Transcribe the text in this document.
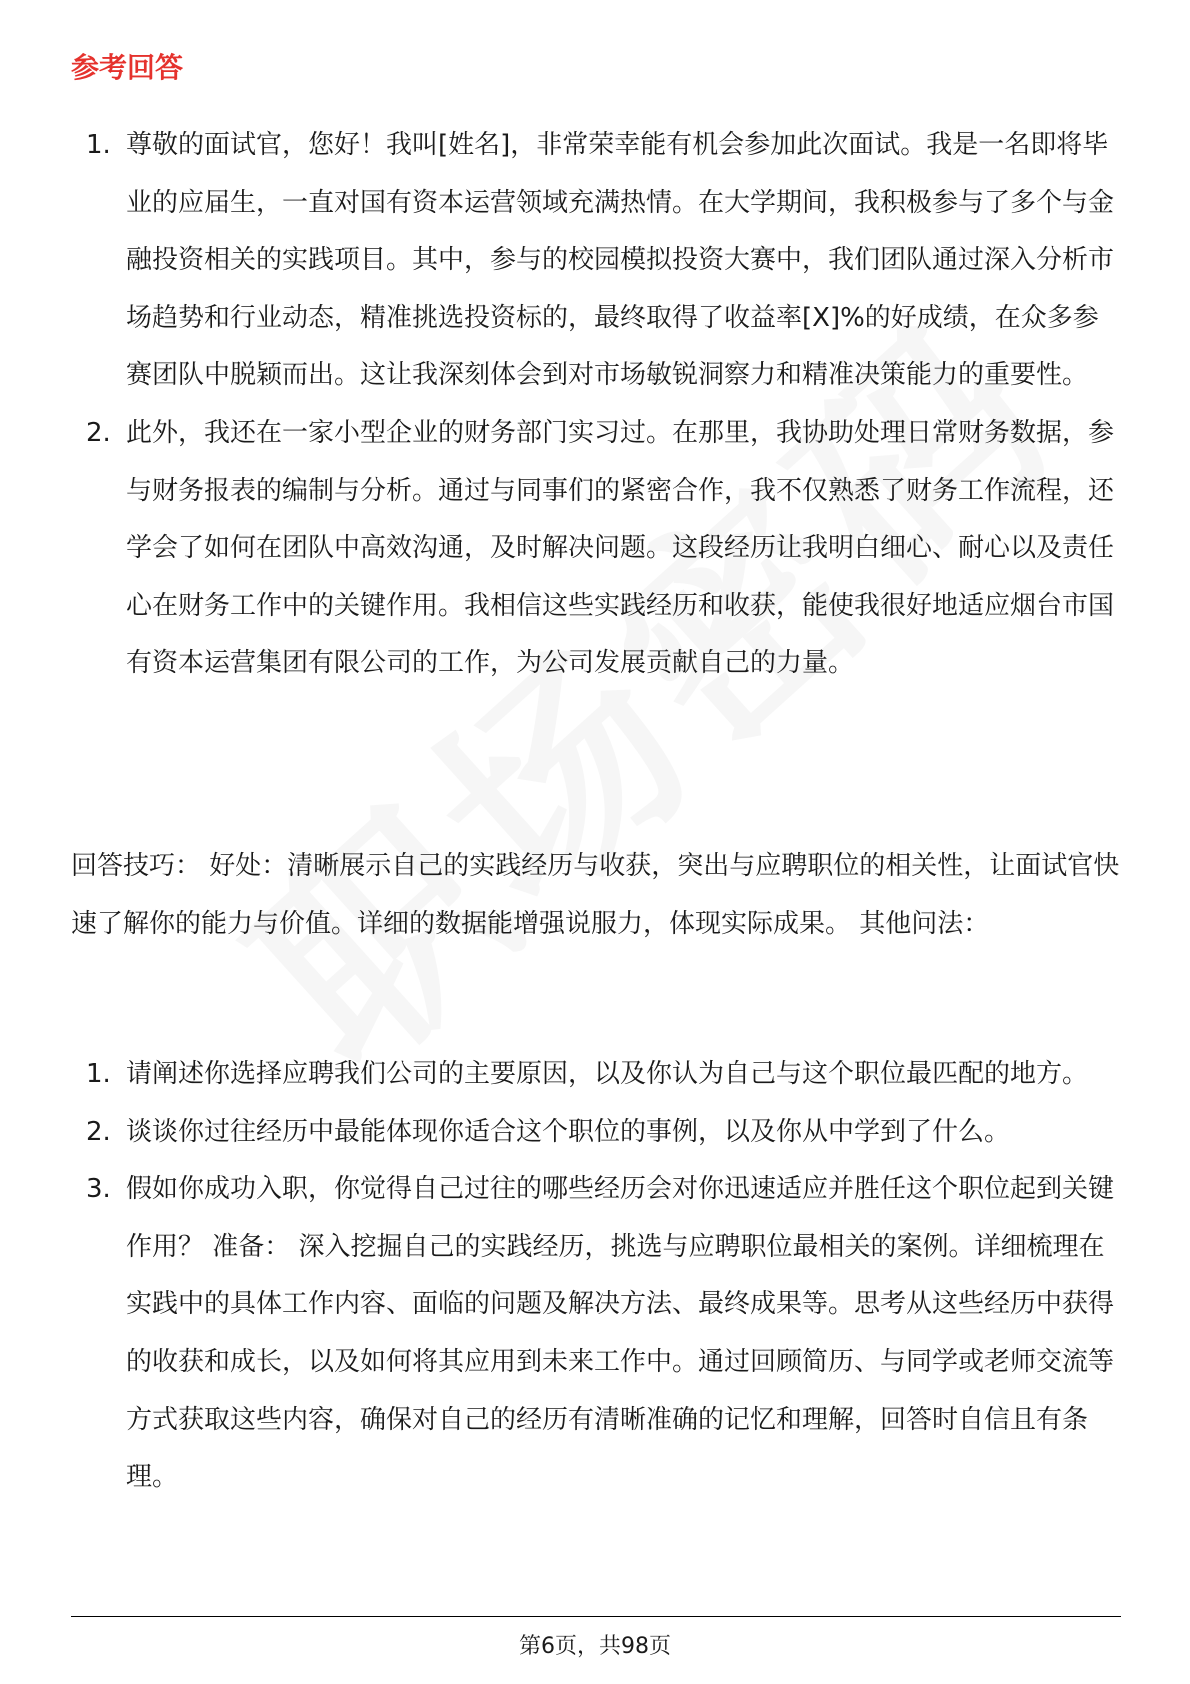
参考回答
1. 尊敬的面试官，您好！我叫[姓名]，非常荣幸能有机会参加此次面试。我是一名即将毕业的应届生，一直对国有资本运营领域充满热情。在大学期间，我积极参与了多个与金融投资相关的实践项目。其中，参与的校园模拟投资大赛中，我们团队通过深入分析市场趋势和行业动态，精准挑选投资标的，最终取得了收益率[X]%的好成绩，在众多参赛团队中脱颖而出。这让我深刻体会到对市场敏锐洞察力和精准决策能力的重要性。
2. 此外，我还在一家小型企业的财务部门实习过。在那里，我协助处理日常财务数据，参与财务报表的编制与分析。通过与同事们的紧密合作，我不仅熟悉了财务工作流程，还学会了如何在团队中高效沟通，及时解决问题。这段经历让我明白细心、耐心以及责任心在财务工作中的关键作用。我相信这些实践经历和收获，能使我很好地适应烟台市国有资本运营集团有限公司的工作，为公司发展贡献自己的力量。

回答技巧： 好处：清晰展示自己的实践经历与收获，突出与应聘职位的相关性，让面试官快速了解你的能力与价值。详细的数据能增强说服力，体现实际成果。 其他问法：

1. 请阐述你选择应聘我们公司的主要原因，以及你认为自己与这个职位最匹配的地方。
2. 谈谈你过往经历中最能体现你适合这个职位的事例，以及你从中学到了什么。
3. 假如你成功入职，你觉得自己过往的哪些经历会对你迅速适应并胜任这个职位起到关键作用？ 准备： 深入挖掘自己的实践经历，挑选与应聘职位最相关的案例。详细梳理在实践中的具体工作内容、面临的问题及解决方法、最终成果等。思考从这些经历中获得的收获和成长，以及如何将其应用到未来工作中。通过回顾简历、与同学或老师交流等方式获取这些内容，确保对自己的经历有清晰准确的记忆和理解，回答时自信且有条理。
第6页，共98页
